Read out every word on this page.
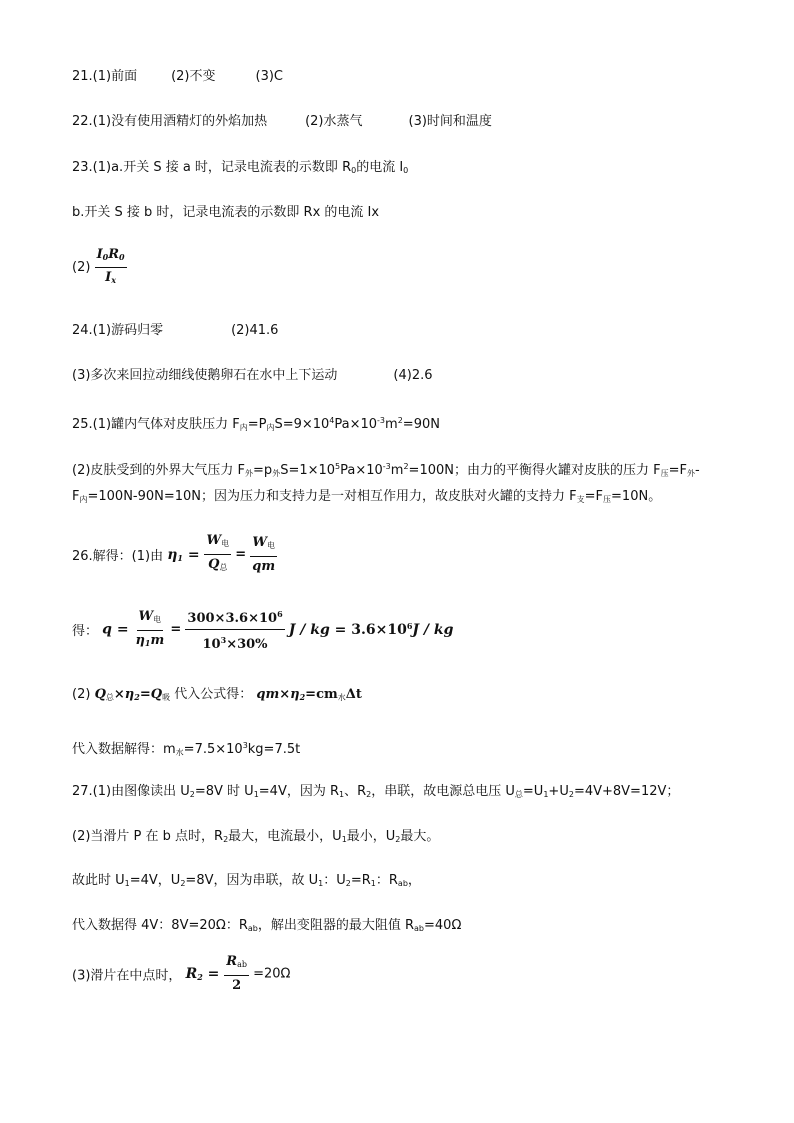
21.(1)前面	(2)不变	(3)C
22.(1)没有使用酒精灯的外焰加热	(2)水蒸气	(3)时间和温度
23.(1)a.开关 S 接 a 时，记录电流表的示数即 $R_0$的电流 $I_0$
b.开关 S 接 b 时，记录电流表的示数即 Rx 的电流 Ix
$(2) \frac{I_0R_0}{I_x}$
24.(1)游码归零	(2)41.6
(3)多次来回拉动细线使鹅卵石在水中上下运动	(4)2.6
25.(1)罐内气体对皮肤压力 $F_内=P_内S=9\times 10^4Pa\times 10^{-3}m^2=90N$
(2)皮肤受到的外界大气压力 $F_外=p_外S=1\times 10^5Pa\times 10^{-3}m^2=100N$；由力的平衡得火罐对皮肤的压力 $F_压=F_外-$
$F_内=100N-90N=10N$；因为压力和支持力是一对相互作用力，故皮肤对火罐的支持力 $F_支=F_压=10N$。
26.解得：(1)由 $\eta_1 = \frac{W_电}{Q_总} = \frac{W_电}{qm}$
得： $q = \frac{W_电}{\eta_1m} = \frac{300\times 3.6\times 10^6}{10^3\times 30\%}$ J / kg = $3.6\times 10^6J$ / kg
(2) $Q_总\times\eta_2=Q_吸$ 代入公式得： $qm\times\eta_2=cm_水\Delta t$
代入数据解得：$m_水=7.5\times 10^3kg=7.5t$
27.(1)由图像读出 $U_2=8V$ 时 $U_1=4V$，因为 $R_1$、$R_2$，串联，故电源总电压 $U_总=U_1+U_2=4V+8V=12V$；
(2)当滑片 P 在 b 点时，$R_2$最大，电流最小，$U_1$最小，$U_2$最大。
故此时 $U_1=4V$，$U_2=8V$，因为串联，故 $U_1$：$U_2=R_1$：$R_{ab}$，
代入数据得 4V：8V=20Ω：$R_{ab}$，解出变阻器的最大阻值 $R_{ab}=40\Omega$
(3)滑片在中点时， $R_2 = \frac{R_{ab}}{2} =20\Omega$
